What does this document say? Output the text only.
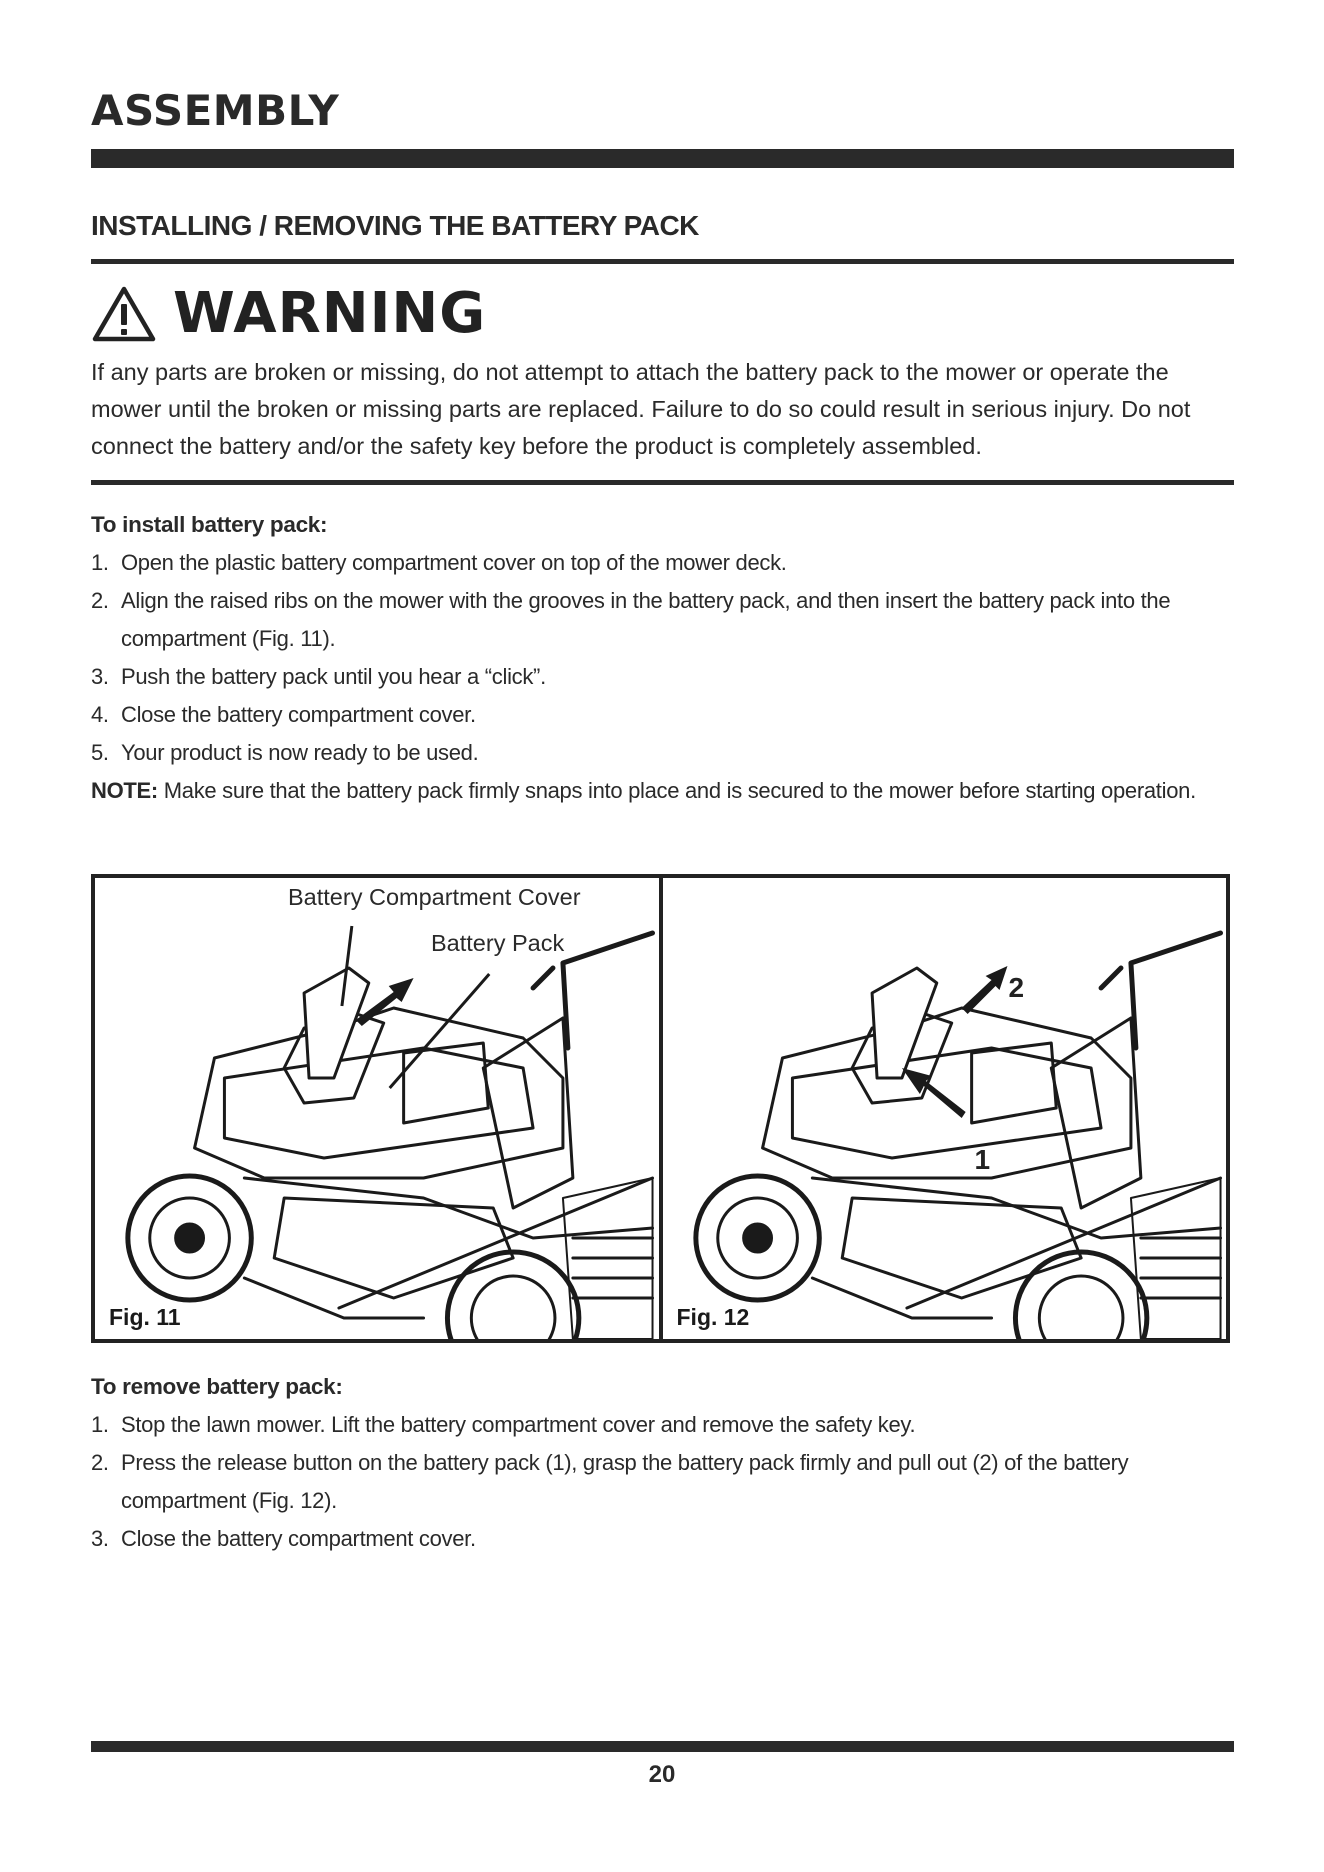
ASSEMBLY
INSTALLING / REMOVING THE BATTERY PACK
WARNING

If any parts are broken or missing, do not attempt to attach the battery pack to the mower or operate the mower until the broken or missing parts are replaced. Failure to do so could result in serious injury. Do not connect the battery and/or the safety key before the product is completely assembled.

To install battery pack:
1. Open the plastic battery compartment cover on top of the mower deck.
2. Align the raised ribs on the mower with the grooves in the battery pack, and then insert the battery pack into the compartment (Fig. 11).
3. Push the battery pack until you hear a “click”.
4. Close the battery compartment cover.
5. Your product is now ready to be used.

NOTE: Make sure that the battery pack firmly snaps into place and is secured to the mower before starting operation.

Battery Compartment Cover
Battery Pack
Fig. 11
2
1
Fig. 12
To remove battery pack:
1. Stop the lawn mower. Lift the battery compartment cover and remove the safety key.
2. Press the release button on the battery pack (1), grasp the battery pack firmly and pull out (2) of the battery compartment (Fig. 12).
3. Close the battery compartment cover.
20
